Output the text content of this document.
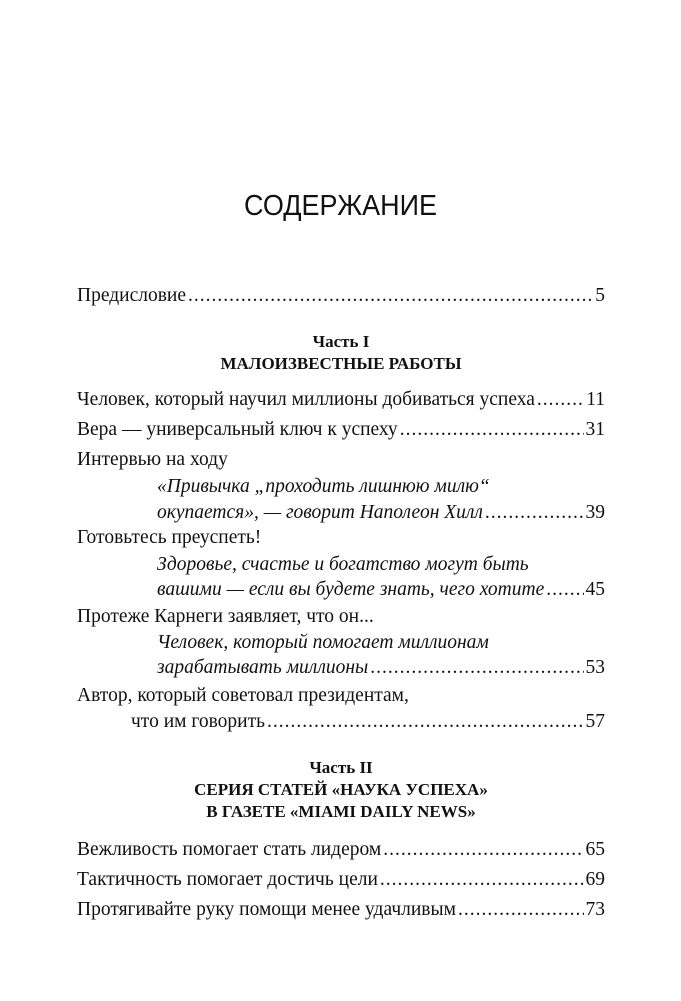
СОДЕРЖАНИЕ
Предисловие .....	5
Часть I
МАЛОИЗВЕСТНЫЕ РАБОТЫ
Человек, который научил миллионы добиваться успеха .....	11
Вера — универсальный ключ к успеху .....	31
Интервью на ходу
«Привычка „проходить лишнюю милю“
окупается», — говорит Наполеон Хилл .....	39
Готовьтесь преуспеть!
Здоровье, счастье и богатство могут быть
вашими — если вы будете знать, чего хотите ..... 45
Протеже Карнеги заявляет, что он...
Человек, который помогает миллионам
зарабатывать миллионы .....	53
Автор, который советовал президентам,
что им говорить .....	57
Часть II
СЕРИЯ СТАТЕЙ «НАУКА УСПЕХА»
В ГАЗЕТЕ «MIAMI DAILY NEWS»
Вежливость помогает стать лидером .....	65
Тактичность помогает достичь цели .....	69
Протягивайте руку помощи менее удачливым .....	73
